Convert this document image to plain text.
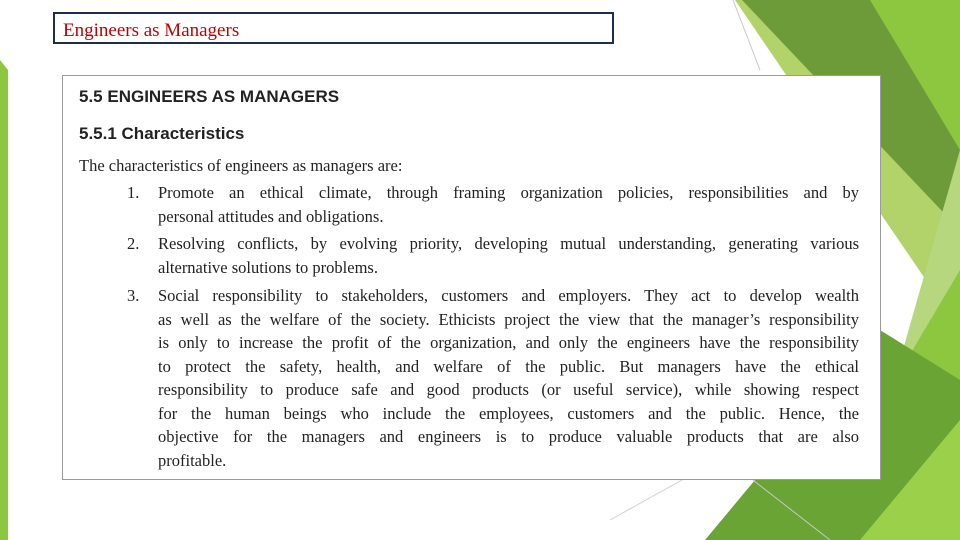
Engineers as Managers
5.5 ENGINEERS AS MANAGERS
5.5.1 Characteristics
The characteristics of engineers as managers are:
1. Promote an ethical climate, through framing organization policies, responsibilities and by
personal attitudes and obligations.
2. Resolving conflicts, by evolving priority, developing mutual understanding, generating various
alternative solutions to problems.
3. Social responsibility to stakeholders, customers and employers. They act to develop wealth
as well as the welfare of the society. Ethicists project the view that the manager’s responsibility
is only to increase the profit of the organization, and only the engineers have the responsibility
to protect the safety, health, and welfare of the public. But managers have the ethical
responsibility to produce safe and good products (or useful service), while showing respect
for the human beings who include the employees, customers and the public. Hence, the
objective for the managers and engineers is to produce valuable products that are also
profitable.
